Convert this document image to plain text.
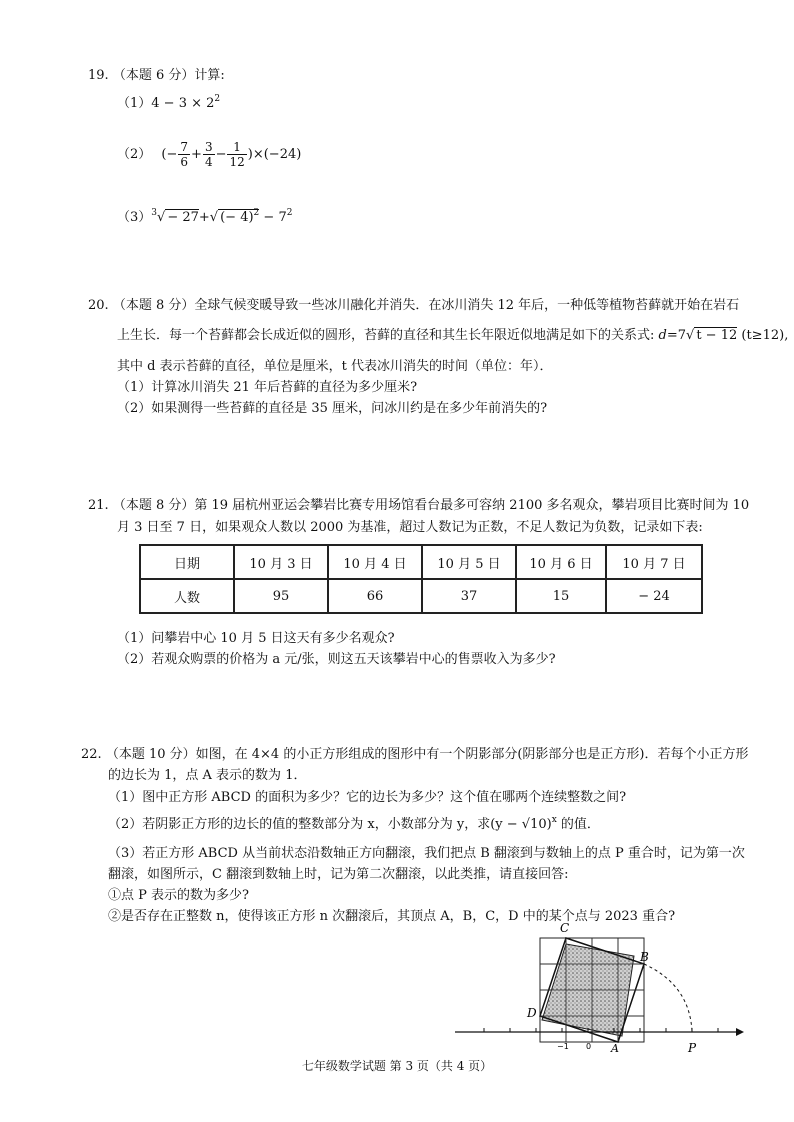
19. （本题 6 分）计算:
$(1)4 - 3 \times 2^2$
（2） (− $\frac{7}{6} + \frac{3}{4} - \frac{1}{12} )\times(-24)$
$(3)^3√ - 27+√$ (− $4)^2 - 7^2$
20. （本题 8 分）全球气候变暖导致一些冰川融化并消失．在冰川消失 12 年后，一种低等植物苔藓就开始在岩石
上生长．每一个苔藓都会长成近似的圆形，苔藓的直径和其生长年限近似地满足如下的关系式: d=7√ t − 12 (t≥12),
其中 d 表示苔藓的直径，单位是厘米，t 代表冰川消失的时间（单位：年）．
（1）计算冰川消失 21 年后苔藓的直径为多少厘米?
（2）如果测得一些苔藓的直径是 35 厘米，问冰川约是在多少年前消失的?
21. （本题 8 分）第 19 届杭州亚运会攀岩比赛专用场馆看台最多可容纳 2100 多名观众，攀岩项目比赛时间为 10
月 3 日至 7 日，如果观众人数以 2000 为基准，超过人数记为正数，不足人数记为负数，记录如下表:
日期	10 月 3 日	10 月 4 日	10 月 5 日	10 月 6 日	10 月 7 日
人数	95	66	37	15	− 24
（1）问攀岩中心 10 月 5 日这天有多少名观众?
（2）若观众购票的价格为 a 元/张，则这五天该攀岩中心的售票收入为多少?
22. （本题 10 分）如图，在 4×4 的小正方形组成的图形中有一个阴影部分(阴影部分也是正方形)．若每个小正方形
的边长为 1，点 A 表示的数为 1．
（1）图中正方形 ABCD 的面积为多少？它的边长为多少？这个值在哪两个连续整数之间?
（2）若阴影正方形的边长的值的整数部分为 x，小数部分为 y，求$(y - √10)^x$ 的值．
（3）若正方形 ABCD 从当前状态沿数轴正方向翻滚，我们把点 B 翻滚到与数轴上的点 P 重合时，记为第一次
翻滚，如图所示，C 翻滚到数轴上时，记为第二次翻滚，以此类推，请直接回答:
①点 P 表示的数为多少?
②是否存在正整数 n，使得该正方形 n 次翻滚后，其顶点 A，B，C，D 中的某个点与 2023 重合?
C
B
D
A	P
−1 0
七年级数学试题 第 3 页（共 4 页）
